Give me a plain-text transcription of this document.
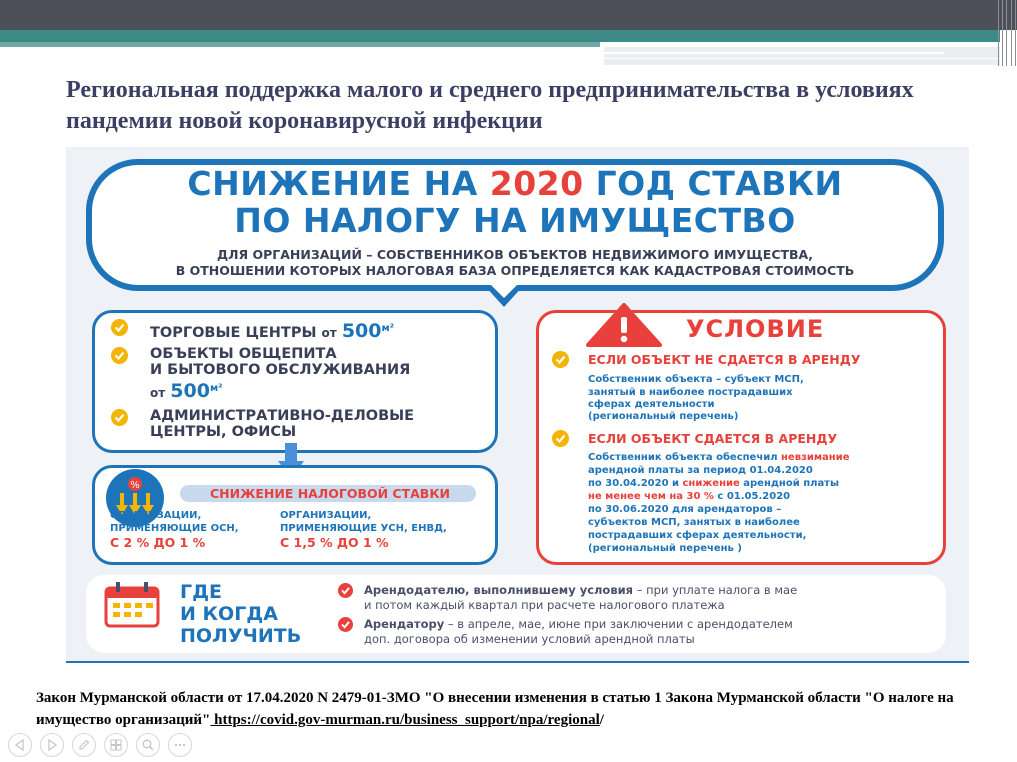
Региональная поддержка малого и среднего предпринимательства в условиях пандемии новой коронавирусной инфекции
СНИЖЕНИЕ НА 2020 ГОД СТАВКИ
ПО НАЛОГУ НА ИМУЩЕСТВО
ДЛЯ ОРГАНИЗАЦИЙ – СОБСТВЕННИКОВ ОБЪЕКТОВ НЕДВИЖИМОГО ИМУЩЕСТВА,
В ОТНОШЕНИИ КОТОРЫХ НАЛОГОВАЯ БАЗА ОПРЕДЕЛЯЕТСЯ КАК КАДАСТРОВАЯ СТОИМОСТЬ
ТОРГОВЫЕ ЦЕНТРЫ от $500^{м^2}$
ОБЪЕКТЫ ОБЩЕПИТА
И БЫТОВОГО ОБСЛУЖИВАНИЯ
от $500^{м^2}$
АДМИНИСТРАТИВНО-ДЕЛОВЫЕ
ЦЕНТРЫ, ОФИСЫ
%
СНИЖЕНИЕ НАЛОГОВОЙ СТАВКИ
ОРГАНИЗАЦИИ,
ПРИМЕНЯЮЩИЕ ОСН,
С 2 % ДО 1 %
ОРГАНИЗАЦИИ,
ПРИМЕНЯЮЩИЕ УСН, ЕНВД,
С 1,5 % ДО 1 %
УСЛОВИЕ
ЕСЛИ ОБЪЕКТ НЕ СДАЕТСЯ В АРЕНДУ
Собственник объекта – субъект МСП,
занятый в наиболее пострадавших
сферах деятельности
(региональный перечень)
ЕСЛИ ОБЪЕКТ СДАЕТСЯ В АРЕНДУ
Собственник объекта обеспечил невзимание
арендной платы за период 01.04.2020
по 30.04.2020 и снижение арендной платы
не менее чем на 30 % с 01.05.2020
по 30.06.2020 для арендаторов –
субъектов МСП, занятых в наиболее
пострадавших сферах деятельности,
(региональный перечень )
ГДЕ
И КОГДА
ПОЛУЧИТЬ
Арендодателю, выполнившему условия – при уплате налога в мае
и потом каждый квартал при расчете налогового платежа
Арендатору – в апреле, мае, июне при заключении с арендодателем
доп. договора об изменении условий арендной платы

Закон Мурманской области от 17.04.2020 N 2479-01-ЗМО "О внесении изменения в статью 1 Закона Мурманской области "О налоге на имущество организаций" https://covid.gov-murman.ru/business_support/npa/regional/
